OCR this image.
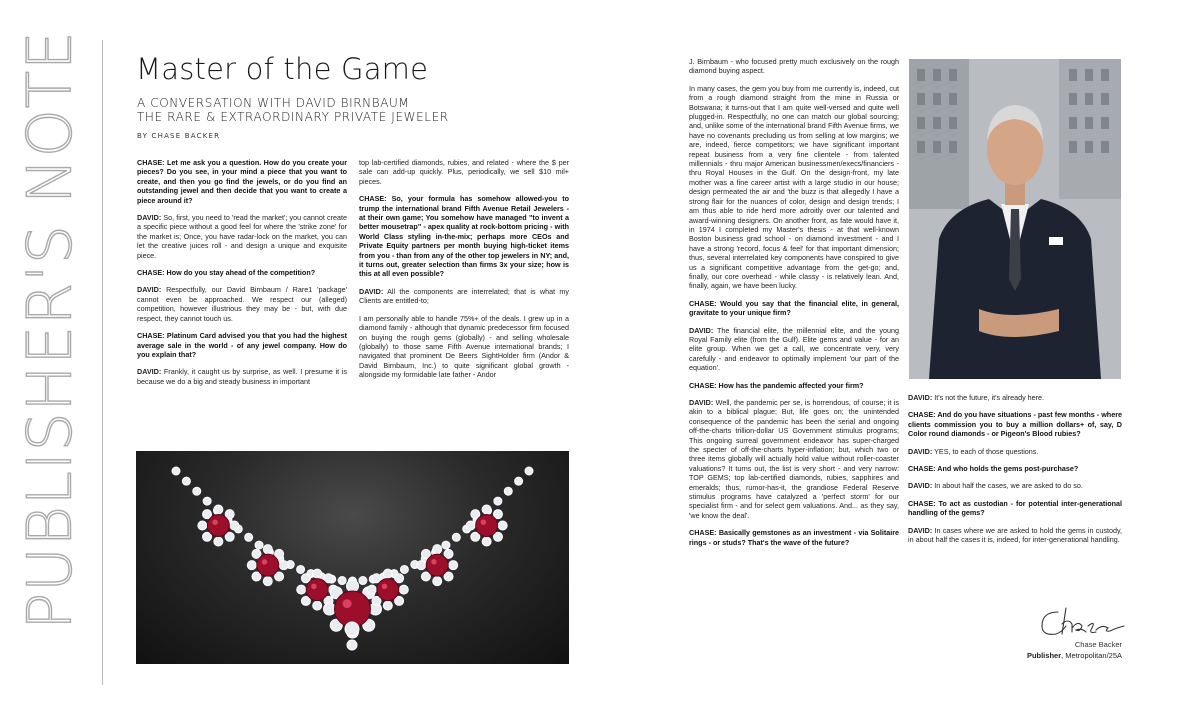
PUBLISHER'S NOTE Master of the Game
A CONVERSATION WITH DAVID BIRNBAUM
THE RARE & EXTRAORDINARY PRIVATE JEWELER
BY CHASE BACKER

CHASE: Let me ask you a question. How do you create your pieces? Do you see, in your mind a piece that you want to create, and then you go find the jewels, or do you find an outstanding jewel and then decide that you want to create a piece around it?

DAVID: So, first, you need to 'read the market'; you cannot create a specific piece without a good feel for where the 'strike zone' for the market is; Once, you have radar-lock on the market, you can let the creative juices roll - and design a unique and exquisite piece.

CHASE: How do you stay ahead of the competition?

DAVID: Respectfully, our David Birnbaum / Rare1 'package' cannot even be approached. We respect our (alleged) competition, however illustrious they may be - but, with due respect, they cannot touch us.

CHASE: Platinum Card advised you that you had the highest average sale in the world - of any jewel company. How do you explain that?

DAVID: Frankly, it caught us by surprise, as well. I presume it is because we do a big and steady business in important

top lab-certified diamonds, rubies, and related - where the $ per sale can add-up quickly. Plus, periodically, we sell $10 mil+ pieces.

CHASE: So, your formula has somehow allowed-you to trump the international brand Fifth Avenue Retail Jewelers - at their own game; You somehow have managed "to invent a better mousetrap" - apex quality at rock-bottom pricing - with World Class styling in-the-mix; perhaps more CEOs and Private Equity partners per month buying high-ticket items from you - than from any of the other top jewelers in NY; and, it turns out, greater selection than firms 3x your size; how is this at all even possible?

DAVID: All the components are interrelated; that is what my Clients are entitled-to;

I am personally able to handle 75%+ of the deals. I grew up in a diamond family - although that dynamic predecessor firm focused on buying the rough gems (globally) - and selling wholesale (globally) to those same Fifth Avenue international brands; I navigated that prominent De Beers SightHolder firm (Andor & David Birnbaum, Inc.) to quite significant global growth - alongside my formidable late father - Andor

J. Birnbaum - who focused pretty much exclusively on the rough diamond buying aspect.

In many cases, the gem you buy from me currently is, indeed, cut from a rough diamond straight from the mine in Russia or Botswana; it turns-out that I am quite well-versed and quite well plugged-in. Respectfully, no one can match our global sourcing; and, unlike some of the international brand Fifth Avenue firms, we have no covenants precluding us from selling at low margins; we are, indeed, fierce competitors; we have significant important repeat business from a very fine clientele - from talented millennials - thru major American businessmen/execs/financiers - thru Royal Houses in the Gulf. On the design-front, my late mother was a fine career artist with a large studio in our house; design permeated the air and 'the buzz is that allegedly I have a strong flair for the nuances of color, design and design trends; I am thus able to ride herd more adroitly over our talented and award-winning designers. On another front, as fate would have it, in 1974 I completed my Master's thesis - at that well-known Boston business grad school - on diamond investment - and I have a strong 'record, focus & feel' for that important dimension; thus, several interrelated key components have conspired to give us a significant competitive advantage from the get-go; and, finally, our core overhead - while classy - is relatively lean. And, finally, again, we have been lucky.

CHASE: Would you say that the financial elite, in general, gravitate to your unique firm?

DAVID: The financial elite, the millennial elite, and the young Royal Family elite (from the Gulf). Elite gems and value - for an elite group. When we get a call, we concentrate very, very carefully - and endeavor to optimally implement 'our part of the equation'.

CHASE: How has the pandemic affected your firm?

DAVID: Well, the pandemic per se, is horrendous, of course; it is akin to a biblical plague; But, life goes on; the unintended consequence of the pandemic has been the serial and ongoing off-the-charts trillion-dollar US Government stimulus programs; This ongoing surreal government endeavor has super-charged the specter of off-the-charts hyper-inflation; but, which two or three items globally will actually hold value without roller-coaster valuations? It turns out, the list is very short - and very narrow: TOP GEMS; top lab-certified diamonds, rubies, sapphires and emeralds; thus, rumor-has-it, the grandiose Federal Reserve stimulus programs have catalyzed a 'perfect storm' for our specialist firm - and for select gem valuations. And... as they say, 'we know the deal'.

CHASE: Basically gemstones as an investment - via Solitaire rings - or studs? That's the wave of the future?

DAVID: It's not the future, it's already here.

CHASE: And do you have situations - past few months - where clients commission you to buy a million dollars+ of, say, D Color round diamonds - or Pigeon's Blood rubies?

DAVID: YES, to each of those questions.

CHASE: And who holds the gems post-purchase?

DAVID: In about half the cases, we are asked to do so.

CHASE: To act as custodian - for potential inter-generational handling of the gems?

DAVID: In cases where we are asked to hold the gems in custody, in about half the cases it is, indeed, for inter-generational handling.

Chase Backer
Publisher, Metropolitan/25A
